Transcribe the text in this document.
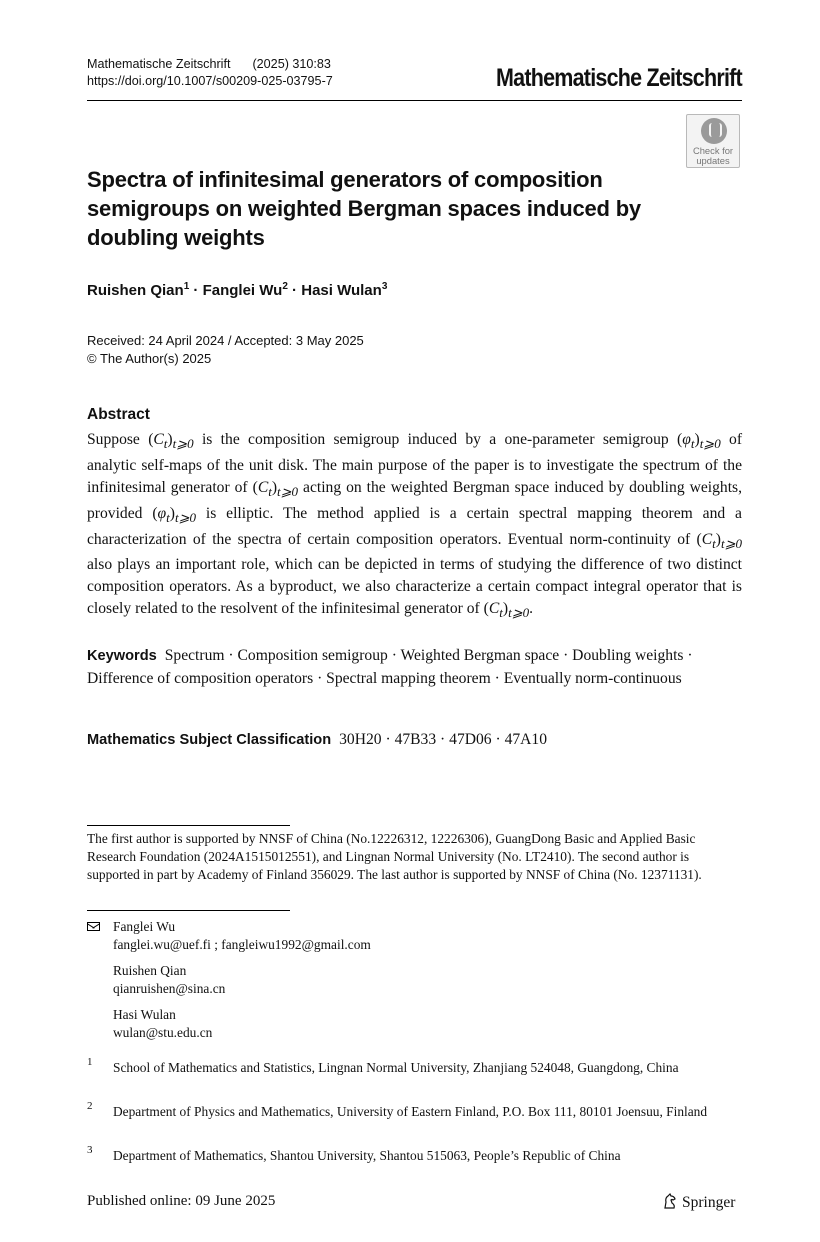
Mathematische Zeitschrift (2025) 310:83
https://doi.org/10.1007/s00209-025-03795-7	Mathematische Zeitschrift
Check for
updates
Spectra of infinitesimal generators of composition semigroups on weighted Bergman spaces induced by doubling weights
Ruishen Qian$^1$ · Fanglei $Wu^2$ · Hasi Wulan$^3$
Received: 24 April 2024 / Accepted: 3 May 2025
© The Author(s) 2025
Abstract
Suppose $(C_t)_{t⩾0}$ is the composition semigroup induced by a one-parameter semigroup $(\varphi_t)_{t⩾0}$ of analytic self-maps of the unit disk. The main purpose of the paper is to investigate the spectrum of the infinitesimal generator of $(C_t)_{t⩾0}$ acting on the weighted Bergman space induced by doubling weights, provided $(\varphi_t)_{t⩾0}$ is elliptic. The method applied is a certain spectral mapping theorem and a characterization of the spectra of certain composition operators. Eventual norm-continuity of $(C_t)_{t⩾0}$ also plays an important role, which can be depicted in terms of studying the difference of two distinct composition operators. As a byproduct, we also characterize a certain compact integral operator that is closely related to the resolvent of the infinitesimal generator of $(C_t)_{t⩾0}$.
Keywords Spectrum · Composition semigroup · Weighted Bergman space · Doubling weights · Difference of composition operators · Spectral mapping theorem · Eventually norm-continuous
Mathematics Subject Classification 30H20 · 47B33 · 47D06 · 47A10
The first author is supported by NNSF of China (No.12226312, 12226306), GuangDong Basic and Applied Basic Research Foundation (2024A1515012551), and Lingnan Normal University (No. LT2410). The second author is supported in part by Academy of Finland 356029. The last author is supported by NNSF of China (No. 12371131).
Fanglei Wu
fanglei.wu@uef.fi ; fangleiwu1992@gmail.com
Ruishen Qian
qianruishen@sina.cn
Hasi Wulan
wulan@stu.edu.cn
1 School of Mathematics and Statistics, Lingnan Normal University, Zhanjiang 524048, Guangdong, China
2 Department of Physics and Mathematics, University of Eastern Finland, P.O. Box 111, 80101 Joensuu, Finland
3 Department of Mathematics, Shantou University, Shantou 515063, People’s Republic of China
Published online: 09 June 2025	Springer
